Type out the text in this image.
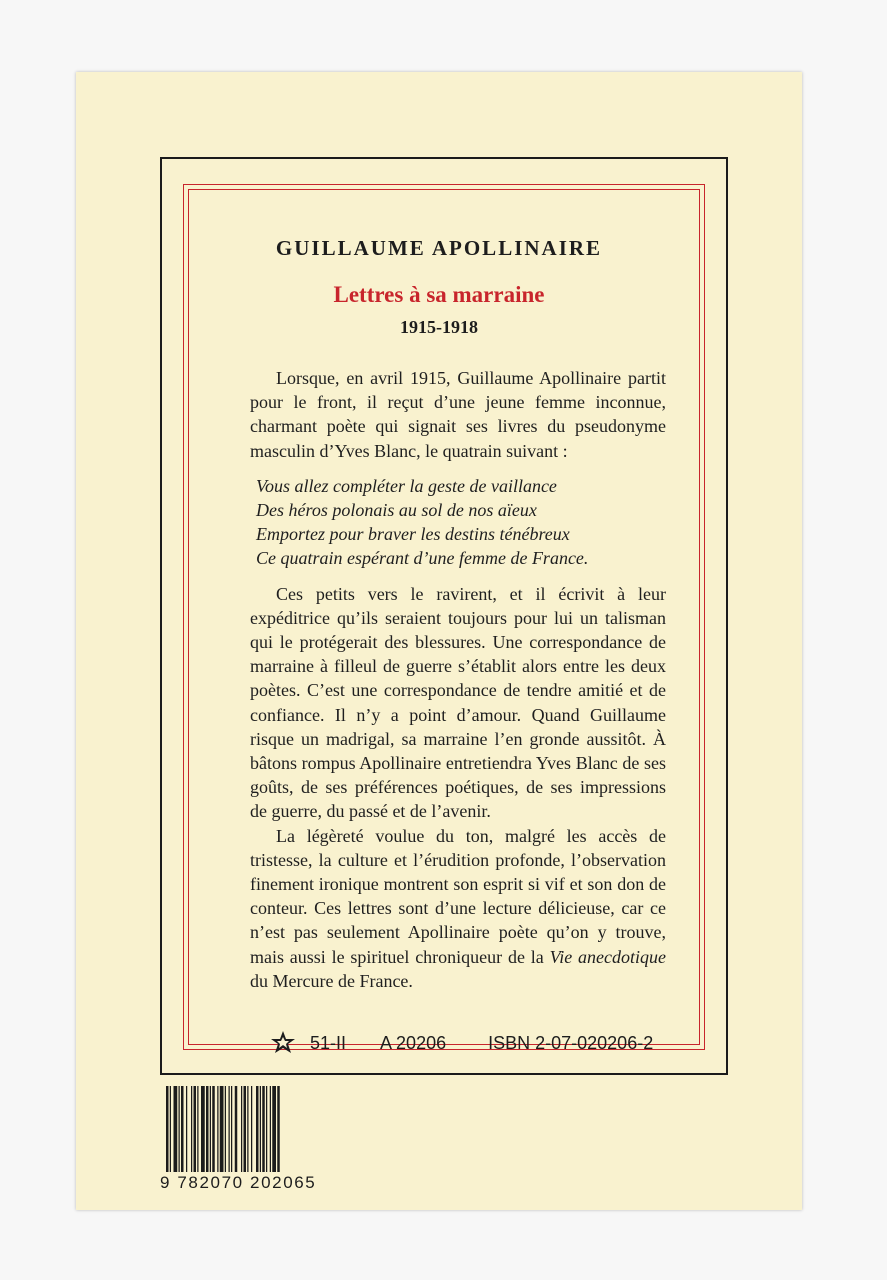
GUILLAUME APOLLINAIRE
Lettres à sa marraine
1915-1918

Lorsque, en avril 1915, Guillaume Apollinaire partit pour le front, il reçut d’une jeune femme inconnue, charmant poète qui signait ses livres du pseudonyme masculin d’Yves Blanc, le quatrain suivant :

Vous allez compléter la geste de vaillance
Des héros polonais au sol de nos aïeux
Emportez pour braver les destins ténébreux
Ce quatrain espérant d’une femme de France.

Ces petits vers le ravirent, et il écrivit à leur expéditrice qu’ils seraient toujours pour lui un talisman qui le protégerait des blessures. Une correspondance de marraine à filleul de guerre s’établit alors entre les deux poètes. C’est une correspondance de tendre amitié et de confiance. Il n’y a point d’amour. Quand Guillaume risque un madrigal, sa marraine l’en gronde aussitôt. À bâtons rompus Apollinaire entretiendra Yves Blanc de ses goûts, de ses préférences poétiques, de ses impressions de guerre, du passé et de l’avenir.

La légèreté voulue du ton, malgré les accès de tristesse, la culture et l’érudition profonde, l’observation finement ironique montrent son esprit si vif et son don de conteur. Ces lettres sont d’une lecture délicieuse, car ce n’est pas seulement Apollinaire poète qu’on y trouve, mais aussi le spirituel chroniqueur de la Vie anecdotique du Mercure de France.

9 782070 202065
51-II A 20206 ISBN 2-07-020206-2
